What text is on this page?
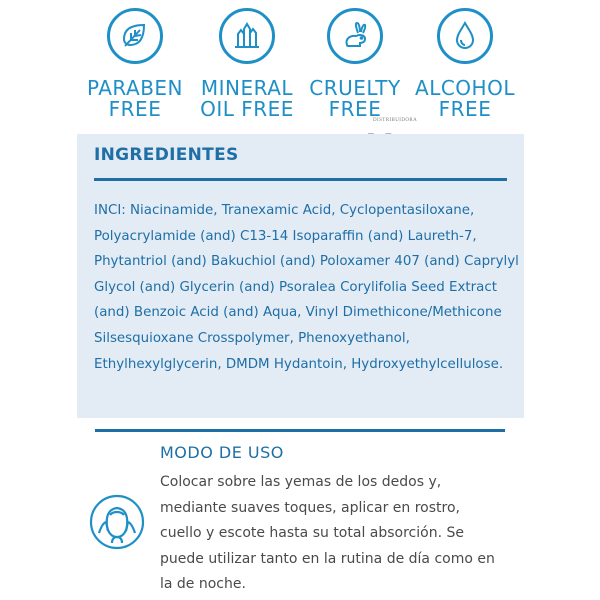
PARABEN
FREE
MINERAL
OIL FREE
CRUELTY
FREE
ALCOHOL
FREE
DISTRIBUIDORA
INGREDIENTES
INCI: Niacinamide, Tranexamic Acid, Cyclopentasiloxane, Polyacrylamide (and) C13-14 Isoparaffin (and) Laureth-7, Phytantriol (and) Bakuchiol (and) Poloxamer 407 (and) Caprylyl Glycol (and) Glycerin (and) Psoralea Corylifolia Seed Extract (and) Benzoic Acid (and) Aqua, Vinyl Dimethicone/Methicone Silsesquioxane Crosspolymer, Phenoxyethanol, Ethylhexylglycerin, DMDM Hydantoin, Hydroxyethylcellulose.
MODO DE USO
Colocar sobre las yemas de los dedos y, mediante suaves toques, aplicar en rostro, cuello y escote hasta su total absorción. Se puede utilizar tanto en la rutina de día como en la de noche.
